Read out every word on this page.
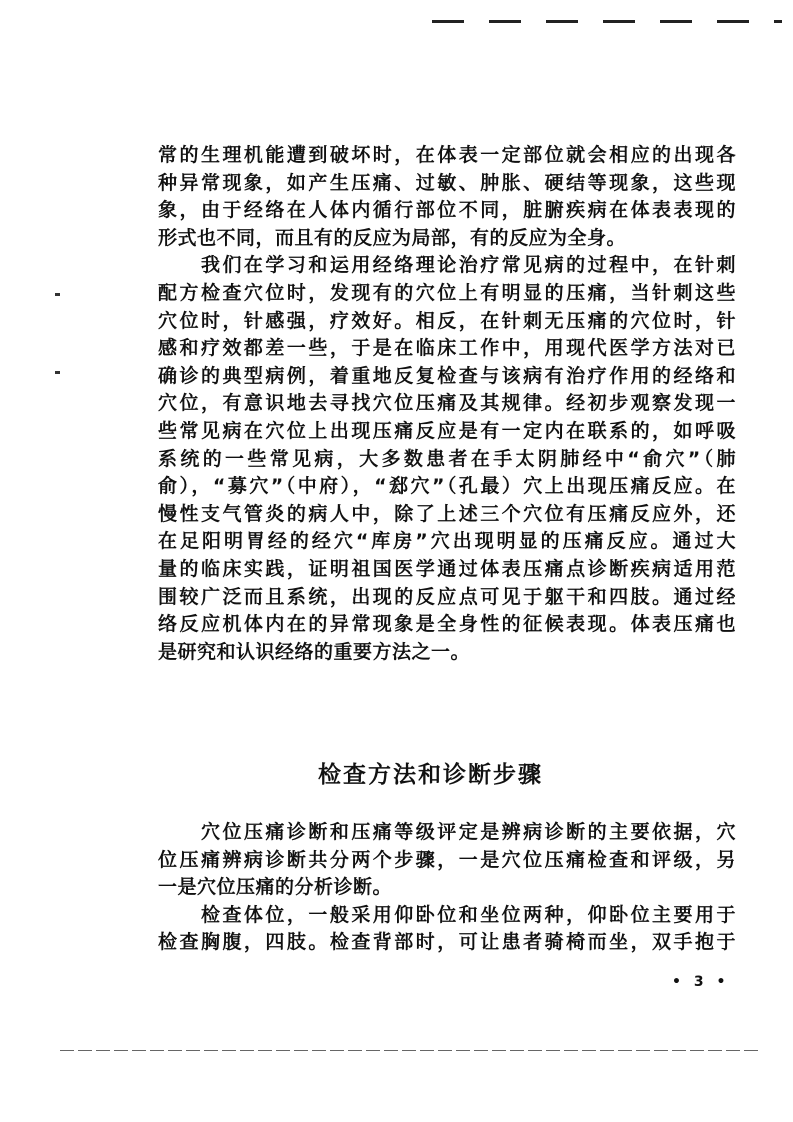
常的生理机能遭到破坏时，在体表一定部位就会相应的出现各
种异常现象，如产生压痛、过敏、肿胀、硬结等现象，这些现
象，由于经络在人体内循行部位不同，脏腑疾病在体表表现的
形式也不同，而且有的反应为局部，有的反应为全身。
　　我们在学习和运用经络理论治疗常见病的过程中，在针刺
配方检查穴位时，发现有的穴位上有明显的压痛，当针刺这些
穴位时，针感强，疗效好。相反，在针刺无压痛的穴位时，针
感和疗效都差一些，于是在临床工作中，用现代医学方法对已
确诊的典型病例，着重地反复检查与该病有治疗作用的经络和
穴位，有意识地去寻找穴位压痛及其规律。经初步观察发现一
些常见病在穴位上出现压痛反应是有一定内在联系的，如呼吸
系统的一些常见病，大多数患者在手太阴肺经中“俞穴”（肺
俞），“募穴”（中府），“郄穴”（孔最）穴上出现压痛反应。在
慢性支气管炎的病人中，除了上述三个穴位有压痛反应外，还
在足阳明胃经的经穴“库房”穴出现明显的压痛反应。通过大
量的临床实践，证明祖国医学通过体表压痛点诊断疾病适用范
围较广泛而且系统，出现的反应点可见于躯干和四肢。通过经
络反应机体内在的异常现象是全身性的征候表现。体表压痛也
是研究和认识经络的重要方法之一。
检查方法和诊断步骤
　　穴位压痛诊断和压痛等级评定是辨病诊断的主要依据，穴
位压痛辨病诊断共分两个步骤，一是穴位压痛检查和评级，另
一是穴位压痛的分析诊断。
　　检查体位，一般采用仰卧位和坐位两种，仰卧位主要用于
检查胸腹，四肢。检查背部时，可让患者骑椅而坐，双手抱于
• 3 •
